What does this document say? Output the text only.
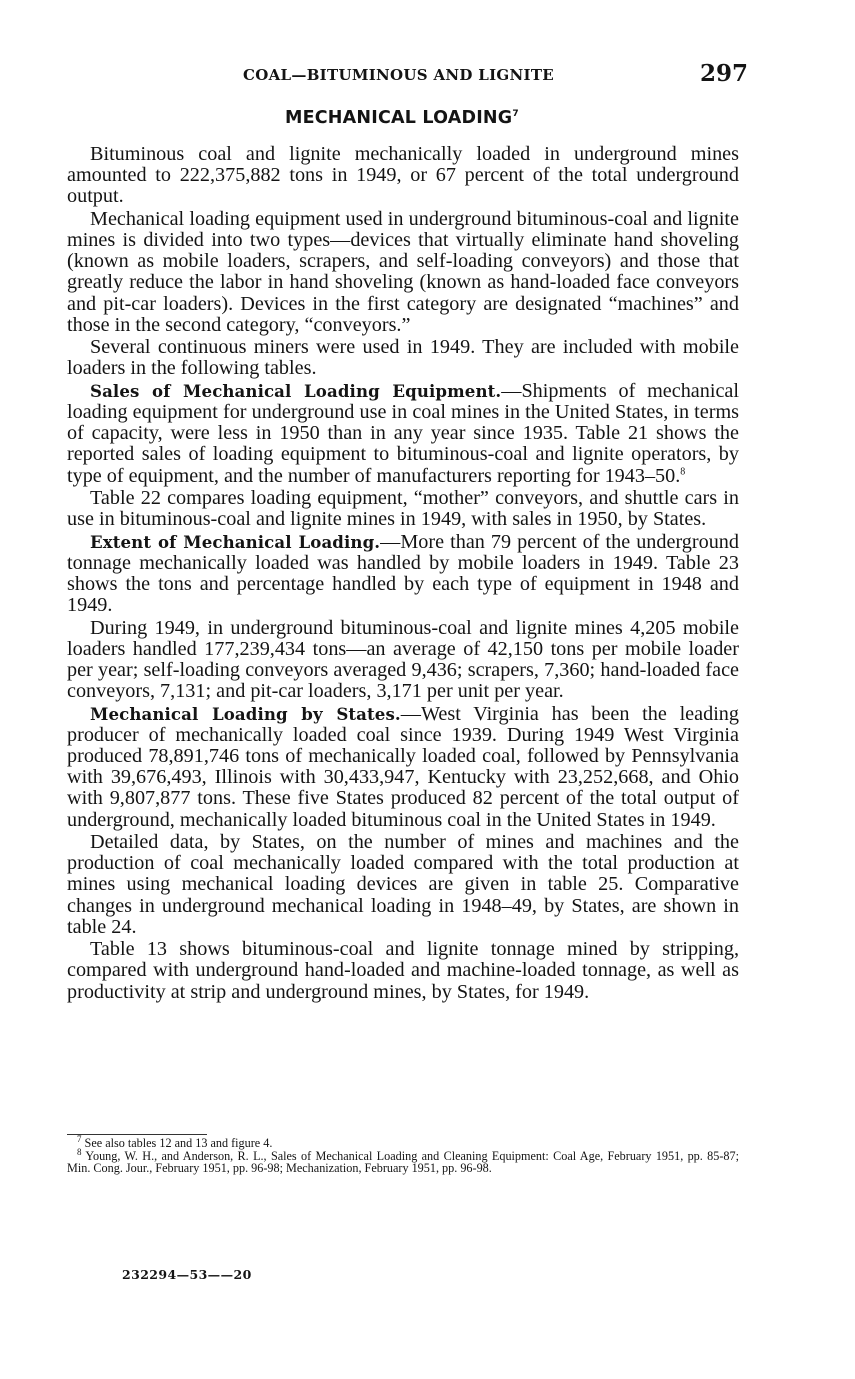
COAL—BITUMINOUS AND LIGNITE	297
MECHANICAL LOADING$^7$

Bituminous coal and lignite mechanically loaded in underground mines amounted to 222,375,882 tons in 1949, or 67 percent of the total underground output.

Mechanical loading equipment used in underground bituminous-coal and lignite mines is divided into two types—devices that virtually eliminate hand shoveling (known as mobile loaders, scrapers, and self-loading conveyors) and those that greatly reduce the labor in hand shoveling (known as hand-loaded face conveyors and pit-car loaders). Devices in the first category are designated “machines” and those in the second category, “conveyors.”

Several continuous miners were used in 1949. They are included with mobile loaders in the following tables.

Sales of Mechanical Loading Equipment.—Shipments of mechanical loading equipment for underground use in coal mines in the United States, in terms of capacity, were less in 1950 than in any year since 1935. Table 21 shows the reported sales of loading equipment to bituminous-coal and lignite operators, by type of equipment, and the number of manufacturers reporting for 1943–50.$^8$

Table 22 compares loading equipment, “mother” conveyors, and shuttle cars in use in bituminous-coal and lignite mines in 1949, with sales in 1950, by States.

Extent of Mechanical Loading.—More than 79 percent of the underground tonnage mechanically loaded was handled by mobile loaders in 1949. Table 23 shows the tons and percentage handled by each type of equipment in 1948 and 1949.

During 1949, in underground bituminous-coal and lignite mines 4,205 mobile loaders handled 177,239,434 tons—an average of 42,150 tons per mobile loader per year; self-loading conveyors averaged 9,436; scrapers, 7,360; hand-loaded face conveyors, 7,131; and pit-car loaders, 3,171 per unit per year.

Mechanical Loading by States.—West Virginia has been the leading producer of mechanically loaded coal since 1939. During 1949 West Virginia produced 78,891,746 tons of mechanically loaded coal, followed by Pennsylvania with 39,676,493, Illinois with 30,433,947, Kentucky with 23,252,668, and Ohio with 9,807,877 tons. These five States produced 82 percent of the total output of underground, mechanically loaded bituminous coal in the United States in 1949.

Detailed data, by States, on the number of mines and machines and the production of coal mechanically loaded compared with the total production at mines using mechanical loading devices are given in table 25. Comparative changes in underground mechanical loading in 1948–49, by States, are shown in table 24.

Table 13 shows bituminous-coal and lignite tonnage mined by stripping, compared with underground hand-loaded and machine-loaded tonnage, as well as productivity at strip and underground mines, by States, for 1949.

$^7$ See also tables 12 and 13 and figure 4.

$^8$ Young, W. H., and Anderson, R. L., Sales of Mechanical Loading and Cleaning Equipment: Coal Age, February 1951, pp. 85-87; Min. Cong. Jour., February 1951, pp. 96-98; Mechanization, February 1951, pp. 96-98.

232294—53——20
